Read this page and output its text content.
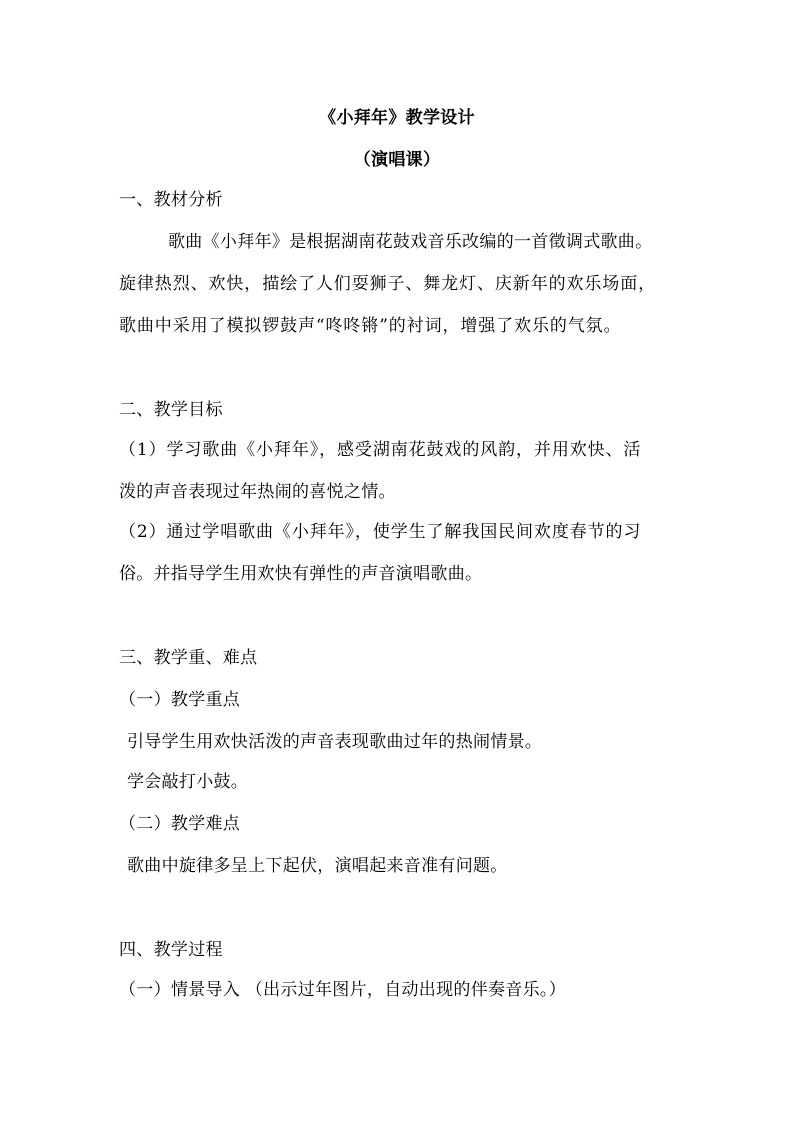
《小拜年》教学设计
（演唱课）
一、教材分析
歌曲《小拜年》是根据湖南花鼓戏音乐改编的一首徵调式歌曲。
旋律热烈、欢快，描绘了人们耍狮子、舞龙灯、庆新年的欢乐场面，
歌曲中采用了模拟锣鼓声“咚咚锵”的衬词，增强了欢乐的气氛。
二、教学目标
（1）学习歌曲《小拜年》，感受湖南花鼓戏的风韵，并用欢快、活
泼的声音表现过年热闹的喜悦之情。
（2）通过学唱歌曲《小拜年》，使学生了解我国民间欢度春节的习
俗。并指导学生用欢快有弹性的声音演唱歌曲。
三、教学重、难点
（一）教学重点
引导学生用欢快活泼的声音表现歌曲过年的热闹情景。
学会敲打小鼓。
（二）教学难点
歌曲中旋律多呈上下起伏，演唱起来音准有问题。
四、教学过程
（一）情景导入 （出示过年图片，自动出现的伴奏音乐。）
